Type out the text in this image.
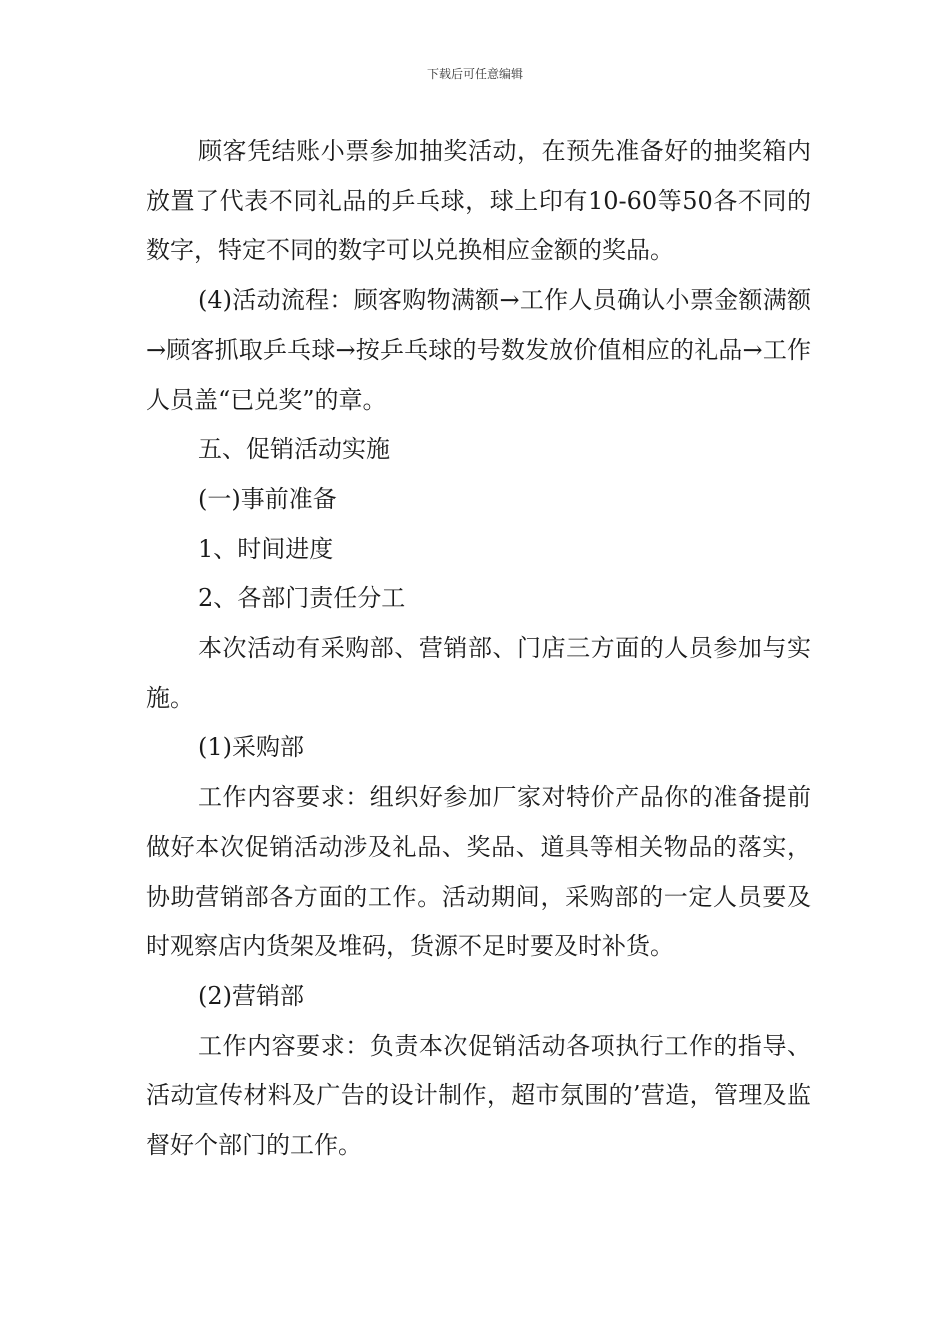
下载后可任意编辑

顾客凭结账小票参加抽奖活动，在预先准备好的抽奖箱内放置了代表不同礼品的乒乓球，球上印有10-60等50各不同的数字，特定不同的数字可以兑换相应金额的奖品。

(4)活动流程：顾客购物满额→工作人员确认小票金额满额→顾客抓取乒乓球→按乒乓球的号数发放价值相应的礼品→工作人员盖“已兑奖”的章。

五、促销活动实施

(一)事前准备

1、时间进度

2、各部门责任分工

本次活动有采购部、营销部、门店三方面的人员参加与实施。

(1)采购部

工作内容要求：组织好参加厂家对特价产品你的准备提前做好本次促销活动涉及礼品、奖品、道具等相关物品的落实，协助营销部各方面的工作。活动期间，采购部的一定人员要及时观察店内货架及堆码，货源不足时要及时补货。

(2)营销部

工作内容要求：负责本次促销活动各项执行工作的指导、活动宣传材料及广告的设计制作，超市氛围的’营造，管理及监督好个部门的工作。
